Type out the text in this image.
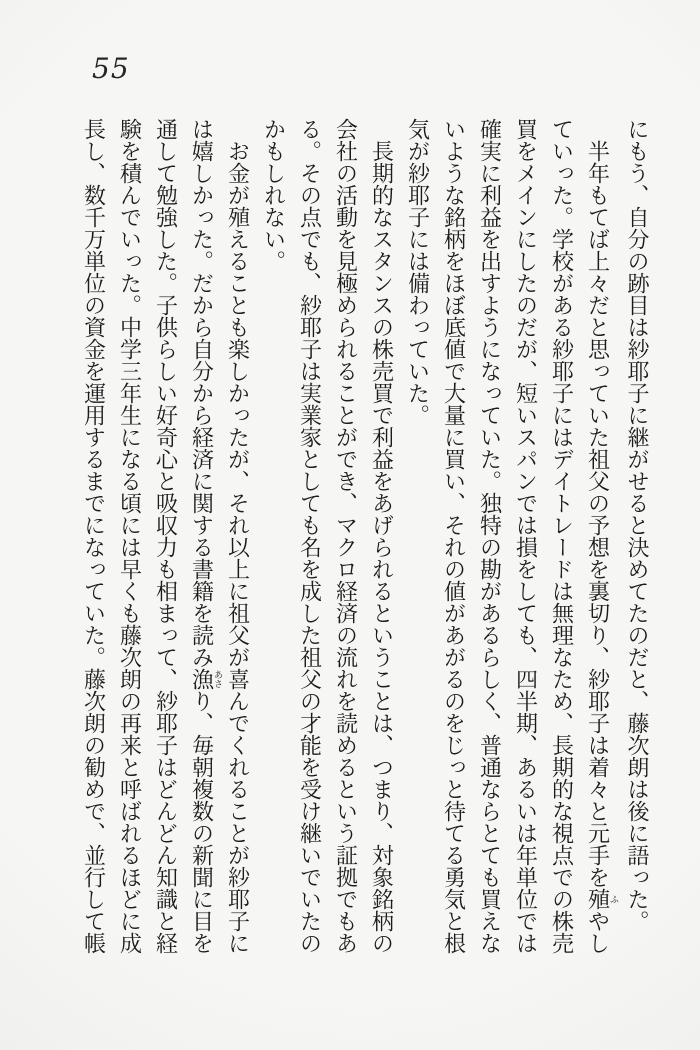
55

にもう、自分の跡目は紗耶子に継がせると決めてたのだと、藤次朗は後に語った。

半年もてば上々だと思っていた祖父の予想を裏切り、紗耶子は着々と元手を殖ふやしていった。学校がある紗耶子にはデイトレードは無理なため、長期的な視点での株売買をメインにしたのだが、短いスパンでは損をしても、四半期、あるいは年単位では確実に利益を出すようになっていた。独特の勘があるらしく、普通ならとても買えないような銘柄をほぼ底値で大量に買い、それの値があがるのをじっと待てる勇気と根気が紗耶子には備わっていた。

長期的なスタンスの株売買で利益をあげられるということは、つまり、対象銘柄の会社の活動を見極められることができ、マクロ経済の流れを読めるという証拠でもある。その点でも、紗耶子は実業家としても名を成した祖父の才能を受け継いでいたのかもしれない。

お金が殖えることも楽しかったが、それ以上に祖父が喜んでくれることが紗耶子には嬉しかった。だから自分から経済に関する書籍を読み漁あさり、毎朝複数の新聞に目を通して勉強した。子供らしい好奇心と吸収力も相まって、紗耶子はどんどん知識と経験を積んでいった。中学三年生になる頃には早くも藤次朗の再来と呼ばれるほどに成長し、数千万単位の資金を運用するまでになっていた。藤次朗の勧めで、並行して帳
